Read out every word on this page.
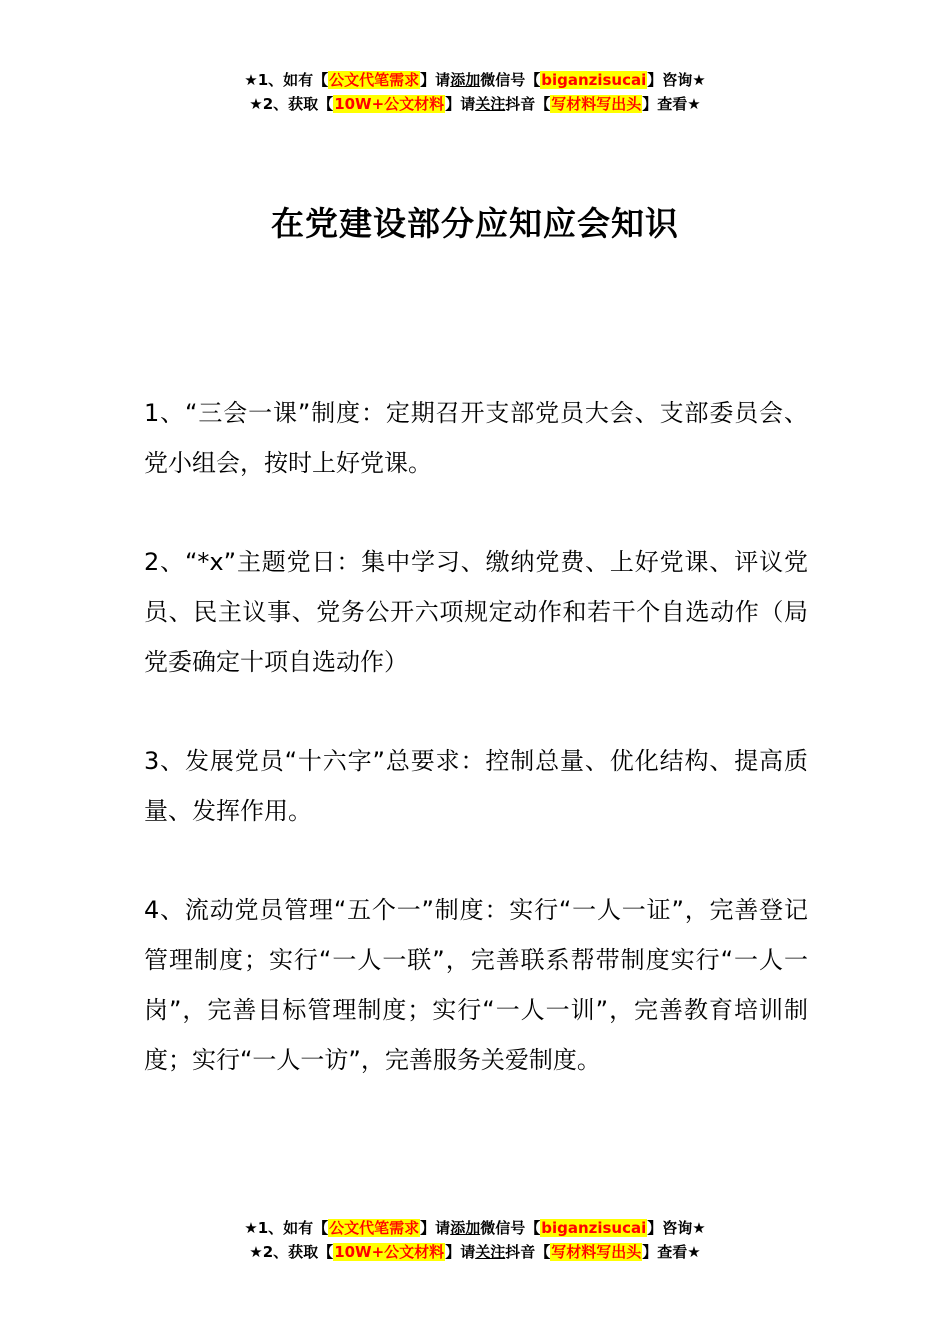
★1、如有【公文代笔需求】请添加微信号【biganzisucai】咨询★
★2、获取【10W+公文材料】请关注抖音【写材料写出头】查看★
在党建设部分应知应会知识

1、“三会一课”制度：定期召开支部党员大会、支部委员会、党小组会，按时上好党课。

2、“*x”主题党日：集中学习、缴纳党费、上好党课、评议党员、民主议事、党务公开六项规定动作和若干个自选动作（局党委确定十项自选动作）

3、发展党员“十六字”总要求：控制总量、优化结构、提高质量、发挥作用。

4、流动党员管理“五个一”制度：实行“一人一证”，完善登记管理制度；实行“一人一联”，完善联系帮带制度实行“一人一岗”，完善目标管理制度；实行“一人一训”，完善教育培训制度；实行“一人一访”，完善服务关爱制度。

★1、如有【公文代笔需求】请添加微信号【biganzisucai】咨询★
★2、获取【10W+公文材料】请关注抖音【写材料写出头】查看★
